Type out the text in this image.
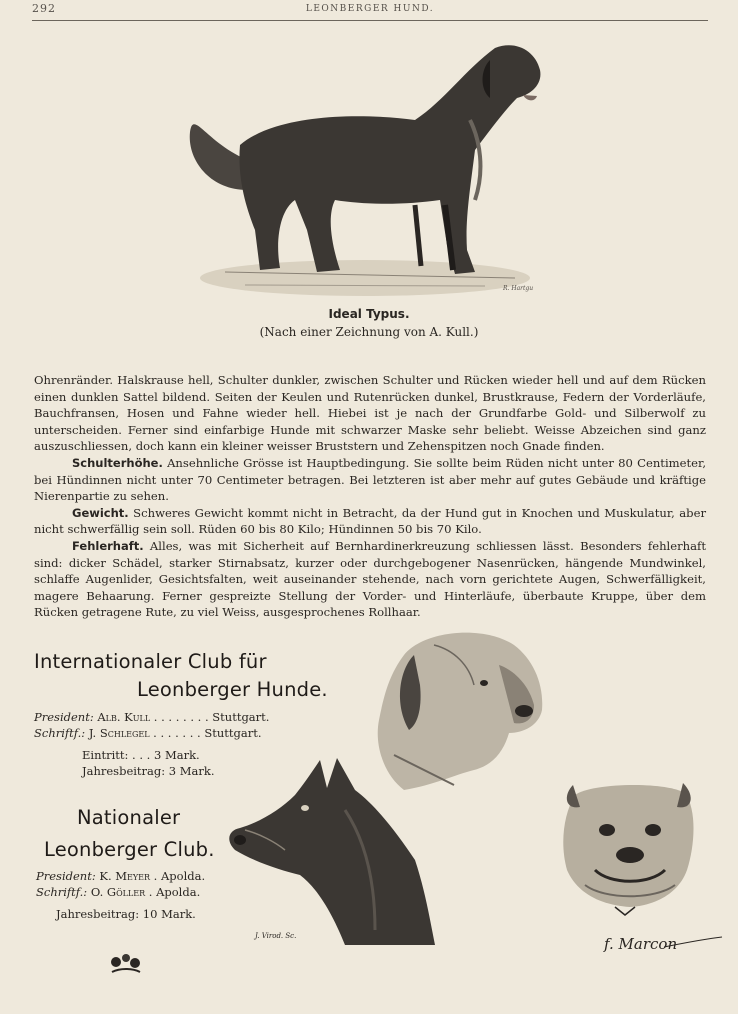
292	LEONBERGER HUND.
R. Hartgu
Ideal Typus.
(Nach einer Zeichnung von A. Kull.)

Ohrenränder. Halskrause hell, Schulter dunkler, zwischen Schulter und Rücken wieder hell und auf dem Rücken einen dunklen Sattel bildend. Seiten der Keulen und Rutenrücken dunkel, Brustkrause, Federn der Vorderläufe, Bauchfransen, Hosen und Fahne wieder hell. Hiebei ist je nach der Grundfarbe Gold- und Silberwolf zu unterscheiden. Ferner sind einfarbige Hunde mit schwarzer Maske sehr beliebt. Weisse Abzeichen sind ganz auszuschliessen, doch kann ein kleiner weisser Bruststern und Zehenspitzen noch Gnade finden.

Schulterhöhe. Ansehnliche Grösse ist Hauptbedingung. Sie sollte beim Rüden nicht unter 80 Centimeter, bei Hündinnen nicht unter 70 Centimeter betragen. Bei letzteren ist aber mehr auf gutes Gebäude und kräftige Nierenpartie zu sehen.

Gewicht. Schweres Gewicht kommt nicht in Betracht, da der Hund gut in Knochen und Muskulatur, aber nicht schwerfällig sein soll. Rüden 60 bis 80 Kilo; Hündinnen 50 bis 70 Kilo.

Fehlerhaft. Alles, was mit Sicherheit auf Bernhardinerkreuzung schliessen lässt. Besonders fehlerhaft sind: dicker Schädel, starker Stirnabsatz, kurzer oder durchgebogener Nasenrücken, hängende Mundwinkel, schlaffe Augenlider, Gesichtsfalten, weit auseinander stehende, nach vorn gerichtete Augen, Schwerfälligkeit, magere Behaarung. Ferner gespreizte Stellung der Vorder- und Hinterläufe, überbaute Kruppe, über dem Rücken getragene Rute, zu viel Weiss, ausgesprochenes Rollhaar.

Internationaler Club für
Leonberger Hunde.
President: Alb. Kull . . . . . . . . Stuttgart.
Schriftf.: J. Schlegel . . . . . . . Stuttgart.
Eintritt: . . . 3 Mark.
Jahresbeitrag: 3 Mark.
Nationaler
Leonberger Club.
President: K. Meyer . Apolda.
Schriftf.: O. Göller . Apolda.
Jahresbeitrag: 10 Mark.
J. Virod. Sc.	f. Marcon
